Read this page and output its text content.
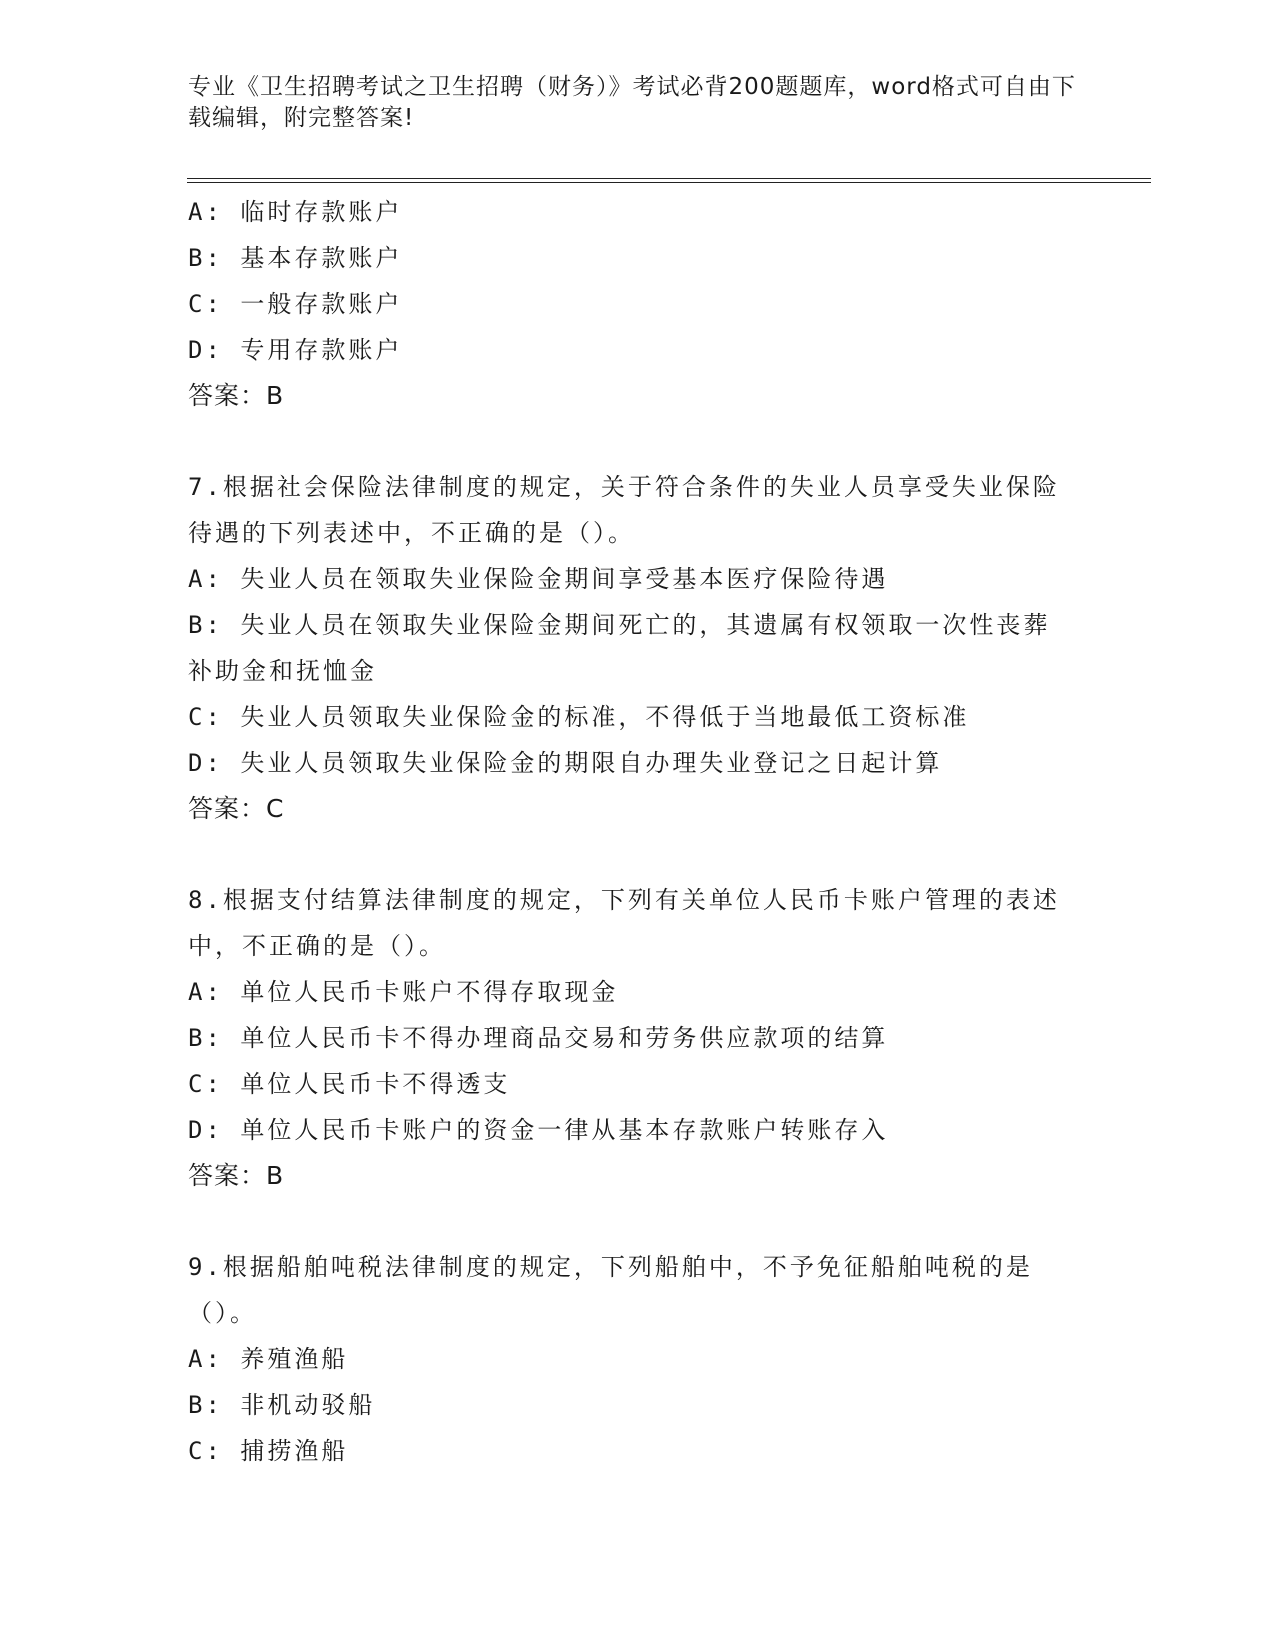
专业《卫生招聘考试之卫生招聘（财务）》考试必背200题题库，word格式可自由下载编辑，附完整答案!
A: 临时存款账户
B: 基本存款账户
C: 一般存款账户
D: 专用存款账户
答案：B
7.根据社会保险法律制度的规定，关于符合条件的失业人员享受失业保险待遇的下列表述中，不正确的是（）。
A: 失业人员在领取失业保险金期间享受基本医疗保险待遇
B: 失业人员在领取失业保险金期间死亡的，其遗属有权领取一次性丧葬补助金和抚恤金
C: 失业人员领取失业保险金的标准，不得低于当地最低工资标准
D: 失业人员领取失业保险金的期限自办理失业登记之日起计算
答案：C
8.根据支付结算法律制度的规定，下列有关单位人民币卡账户管理的表述中，不正确的是（）。
A: 单位人民币卡账户不得存取现金
B: 单位人民币卡不得办理商品交易和劳务供应款项的结算
C: 单位人民币卡不得透支
D: 单位人民币卡账户的资金一律从基本存款账户转账存入
答案：B
9.根据船舶吨税法律制度的规定，下列船舶中，不予免征船舶吨税的是（）。
A: 养殖渔船
B: 非机动驳船
C: 捕捞渔船
